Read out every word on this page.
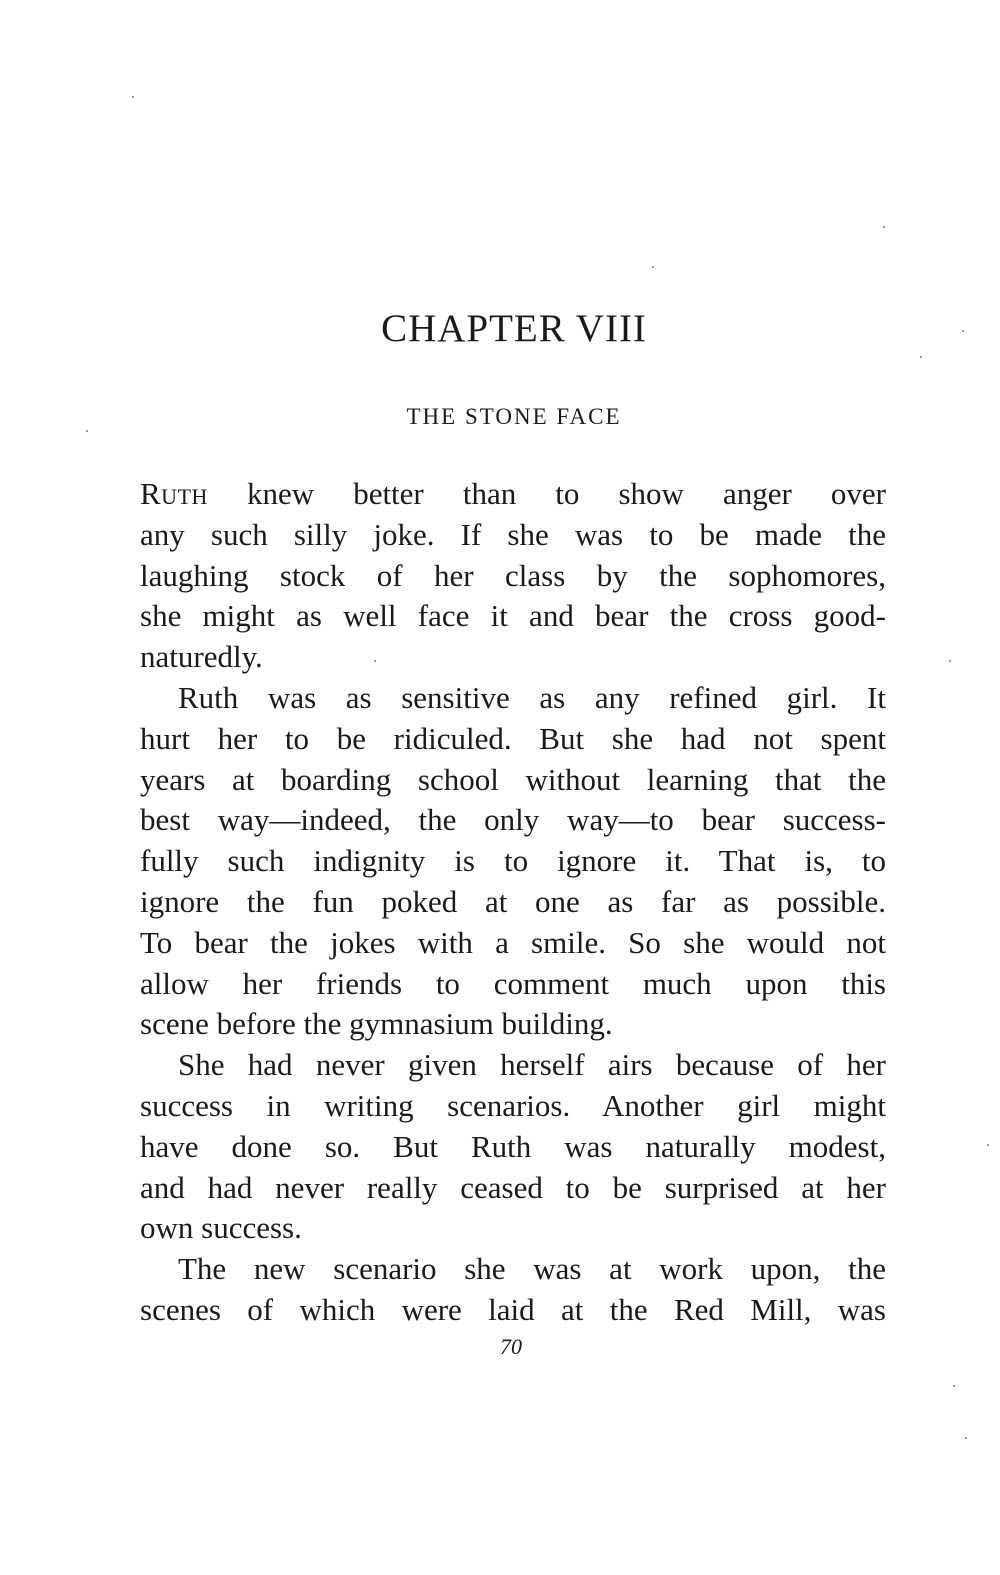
CHAPTER VIII
THE STONE FACE
Ruth knew better than to show anger over
any such silly joke. If she was to be made the
laughing stock of her class by the sophomores,
she might as well face it and bear the cross good-
naturedly.
Ruth was as sensitive as any refined girl. It
hurt her to be ridiculed. But she had not spent
years at boarding school without learning that the
best way—indeed, the only way—to bear success-
fully such indignity is to ignore it. That is, to
ignore the fun poked at one as far as possible.
To bear the jokes with a smile. So she would not
allow her friends to comment much upon this
scene before the gymnasium building.
She had never given herself airs because of her
success in writing scenarios. Another girl might
have done so. But Ruth was naturally modest,
and had never really ceased to be surprised at her
own success.
The new scenario she was at work upon, the
scenes of which were laid at the Red Mill, was
70
